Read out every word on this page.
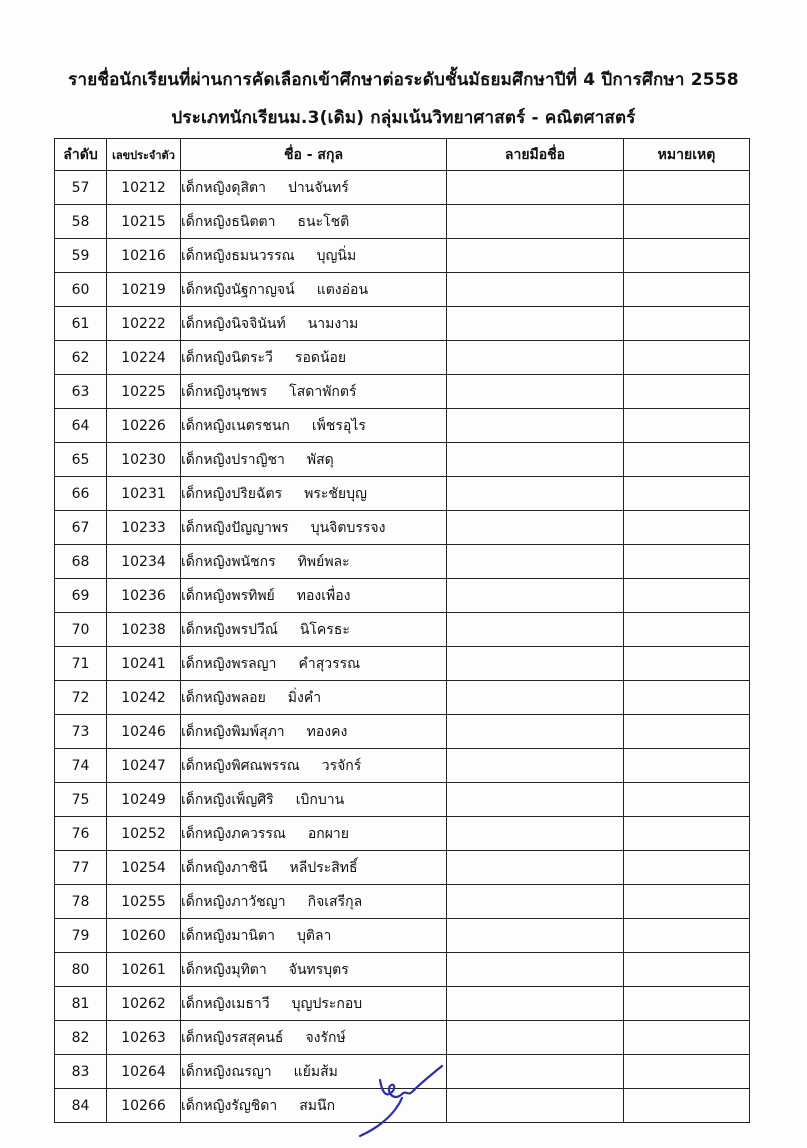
รายชื่อนักเรียนที่ผ่านการคัดเลือกเข้าศึกษาต่อระดับชั้นมัธยมศึกษาปีที่ 4 ปีการศึกษา 2558
ประเภทนักเรียนม.3(เดิม) กลุ่มเน้นวิทยาศาสตร์ - คณิตศาสตร์
ลำดับ	เลขประจำตัว	ชื่อ - สกุล	ลายมือชื่อ	หมายเหตุ
57	10212	เด็กหญิงดุสิตา ปานจันทร์		
58	10215	เด็กหญิงธนิตตา ธนะโชติ		
59	10216	เด็กหญิงธมนวรรณ บุญนิ่ม		
60	10219	เด็กหญิงนัฐกาญจน์ แตงอ่อน		
61	10222	เด็กหญิงนิจจินันท์ นามงาม		
62	10224	เด็กหญิงนิตระวี รอดน้อย		
63	10225	เด็กหญิงนุชพร โสดาพักตร์		
64	10226	เด็กหญิงเนตรชนก เพ็ชรอุไร		
65	10230	เด็กหญิงปราญิชา พัสดุ		
66	10231	เด็กหญิงปริยฉัตร พระชัยบุญ		
67	10233	เด็กหญิงปัญญาพร บุนจิตบรรจง		
68	10234	เด็กหญิงพนัชกร ทิพย์พละ		
69	10236	เด็กหญิงพรทิพย์ ทองเพื่อง		
70	10238	เด็กหญิงพรปวีณ์ นิโครธะ		
71	10241	เด็กหญิงพรลญา คำสุวรรณ		
72	10242	เด็กหญิงพลอย มิ่งคำ		
73	10246	เด็กหญิงพิมพ์สุภา ทองคง		
74	10247	เด็กหญิงพิศณพรรณ วรจักร์		
75	10249	เด็กหญิงเพ็ญศิริ เบิกบาน		
76	10252	เด็กหญิงภควรรณ อกผาย		
77	10254	เด็กหญิงภาชินี หลีประสิทธิ์		
78	10255	เด็กหญิงภาวัชญา กิจเสรีกุล		
79	10260	เด็กหญิงมานิตา บุติลา		
80	10261	เด็กหญิงมุทิตา จันทรบุตร		
81	10262	เด็กหญิงเมธาวี บุญประกอบ		
82	10263	เด็กหญิงรสสุคนธ์ จงรักษ์		
83	10264	เด็กหญิงณรญา แย้มส้ม		
84	10266	เด็กหญิงรัญชิดา สมนึก		
